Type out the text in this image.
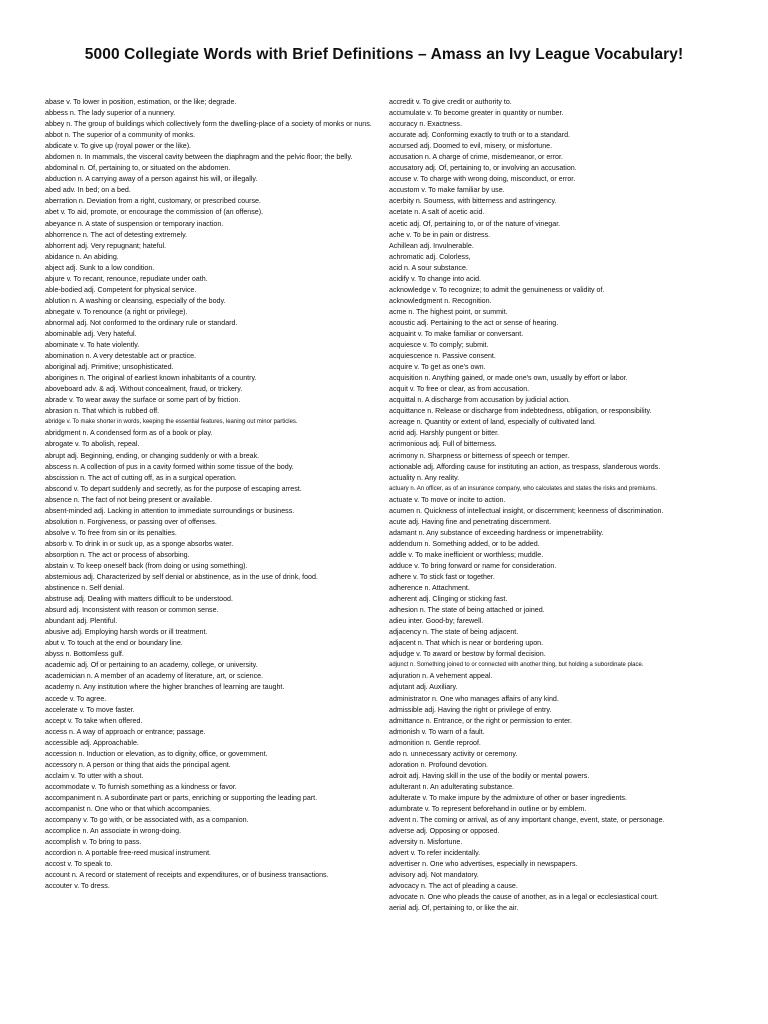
5000 Collegiate Words with Brief Definitions – Amass an Ivy League Vocabulary!
abase v. To lower in position, estimation, or the like; degrade.
abbess n. The lady superior of a nunnery.
abbey n. The group of buildings which collectively form the dwelling-place of a society of monks or nuns.
abbot n. The superior of a community of monks.
abdicate v. To give up (royal power or the like).
abdomen n. In mammals, the visceral cavity between the diaphragm and the pelvic floor; the belly.
abdominal n. Of, pertaining to, or situated on the abdomen.
abduction n. A carrying away of a person against his will, or illegally.
abed adv. In bed; on a bed.
aberration n. Deviation from a right, customary, or prescribed course.
abet v. To aid, promote, or encourage the commission of (an offense).
abeyance n. A state of suspension or temporary inaction.
abhorrence n. The act of detesting extremely.
abhorrent adj. Very repugnant; hateful.
abidance n. An abiding.
abject adj. Sunk to a low condition.
abjure v. To recant, renounce, repudiate under oath.
able-bodied adj. Competent for physical service.
ablution n. A washing or cleansing, especially of the body.
abnegate v. To renounce (a right or privilege).
abnormal adj. Not conformed to the ordinary rule or standard.
abominable adj. Very hateful.
abominate v. To hate violently.
abomination n. A very detestable act or practice.
aboriginal adj. Primitive; unsophisticated.
aborigines n. The original of earliest known inhabitants of a country.
aboveboard adv. & adj. Without concealment, fraud, or trickery.
abrade v. To wear away the surface or some part of by friction.
abrasion n. That which is rubbed off.
abridge v. To make shorter in words, keeping the essential features, leaning out minor particles.
abridgment n. A condensed form as of a book or play.
abrogate v. To abolish, repeal.
abrupt adj. Beginning, ending, or changing suddenly or with a break.
abscess n. A collection of pus in a cavity formed within some tissue of the body.
abscission n. The act of cutting off, as in a surgical operation.
abscond v. To depart suddenly and secretly, as for the purpose of escaping arrest.
absence n. The fact of not being present or available.
absent-minded adj. Lacking in attention to immediate surroundings or business.
absolution n. Forgiveness, or passing over of offenses.
absolve v. To free from sin or its penalties.
absorb v. To drink in or suck up, as a sponge absorbs water.
absorption n. The act or process of absorbing.
abstain v. To keep oneself back (from doing or using something).
abstemious adj. Characterized by self denial or abstinence, as in the use of drink, food.
abstinence n. Self denial.
abstruse adj. Dealing with matters difficult to be understood.
absurd adj. Inconsistent with reason or common sense.
abundant adj. Plentiful.
abusive adj. Employing harsh words or ill treatment.
abut v. To touch at the end or boundary line.
abyss n. Bottomless gulf.
academic adj. Of or pertaining to an academy, college, or university.
academician n. A member of an academy of literature, art, or science.
academy n. Any institution where the higher branches of learning are taught.
accede v. To agree.
accelerate v. To move faster.
accept v. To take when offered.
access n. A way of approach or entrance; passage.
accessible adj. Approachable.
accession n. Induction or elevation, as to dignity, office, or government.
accessory n. A person or thing that aids the principal agent.
acclaim v. To utter with a shout.
accommodate v. To furnish something as a kindness or favor.
accompaniment n. A subordinate part or parts, enriching or supporting the leading part.
accompanist n. One who or that which accompanies.
accompany v. To go with, or be associated with, as a companion.
accomplice n. An associate in wrong-doing.
accomplish v. To bring to pass.
accordion n. A portable free-reed musical instrument.
accost v. To speak to.
account n. A record or statement of receipts and expenditures, or of business transactions.
accouter v. To dress.
accredit v. To give credit or authority to.
accumulate v. To become greater in quantity or number.
accuracy n. Exactness.
accurate adj. Conforming exactly to truth or to a standard.
accursed adj. Doomed to evil, misery, or misfortune.
accusation n. A charge of crime, misdemeanor, or error.
accusatory adj. Of, pertaining to, or involving an accusation.
accuse v. To charge with wrong doing, misconduct, or error.
accustom v. To make familiar by use.
acerbity n. Sourness, with bitterness and astringency.
acetate n. A salt of acetic acid.
acetic adj. Of, pertaining to, or of the nature of vinegar.
ache v. To be in pain or distress.
Achillean adj. Invulnerable.
achromatic adj. Colorless,
acid n. A sour substance.
acidify v. To change into acid.
acknowledge v. To recognize; to admit the genuineness or validity of.
acknowledgment n. Recognition.
acme n. The highest point, or summit.
acoustic adj. Pertaining to the act or sense of hearing.
acquaint v. To make familiar or conversant.
acquiesce v. To comply; submit.
acquiescence n. Passive consent.
acquire v. To get as one's own.
acquisition n. Anything gained, or made one's own, usually by effort or labor.
acquit v. To free or clear, as from accusation.
acquittal n. A discharge from accusation by judicial action.
acquittance n. Release or discharge from indebtedness, obligation, or responsibility.
acreage n. Quantity or extent of land, especially of cultivated land.
acrid adj. Harshly pungent or bitter.
acrimonious adj. Full of bitterness.
acrimony n. Sharpness or bitterness of speech or temper.
actionable adj. Affording cause for instituting an action, as trespass, slanderous words.
actuality n. Any reality.
actuary n. An officer, as of an insurance company, who calculates and states the risks and premiums.
actuate v. To move or incite to action.
acumen n. Quickness of intellectual insight, or discernment; keenness of discrimination.
acute adj. Having fine and penetrating discernment.
adamant n. Any substance of exceeding hardness or impenetrability.
addendum n. Something added, or to be added.
addle v. To make inefficient or worthless; muddle.
adduce v. To bring forward or name for consideration.
adhere v. To stick fast or together.
adherence n. Attachment.
adherent adj. Clinging or sticking fast.
adhesion n. The state of being attached or joined.
adieu inter. Good-by; farewell.
adjacency n. The state of being adjacent.
adjacent n. That which is near or bordering upon.
adjudge v. To award or bestow by formal decision.
adjunct n. Something joined to or connected with another thing, but holding a subordinate place.
adjuration n. A vehement appeal.
adjutant adj. Auxiliary.
administrator n. One who manages affairs of any kind.
admissible adj. Having the right or privilege of entry.
admittance n. Entrance, or the right or permission to enter.
admonish v. To warn of a fault.
admonition n. Gentle reproof.
ado n. unnecessary activity or ceremony.
adoration n. Profound devotion.
adroit adj. Having skill in the use of the bodily or mental powers.
adulterant n. An adulterating substance.
adulterate v. To make impure by the admixture of other or baser ingredients.
adumbrate v. To represent beforehand in outline or by emblem.
advent n. The coming or arrival, as of any important change, event, state, or personage.
adverse adj. Opposing or opposed.
adversity n. Misfortune.
advert v. To refer incidentally.
advertiser n. One who advertises, especially in newspapers.
advisory adj. Not mandatory.
advocacy n. The act of pleading a cause.
advocate n. One who pleads the cause of another, as in a legal or ecclesiastical court.
aerial adj. Of, pertaining to, or like the air.
